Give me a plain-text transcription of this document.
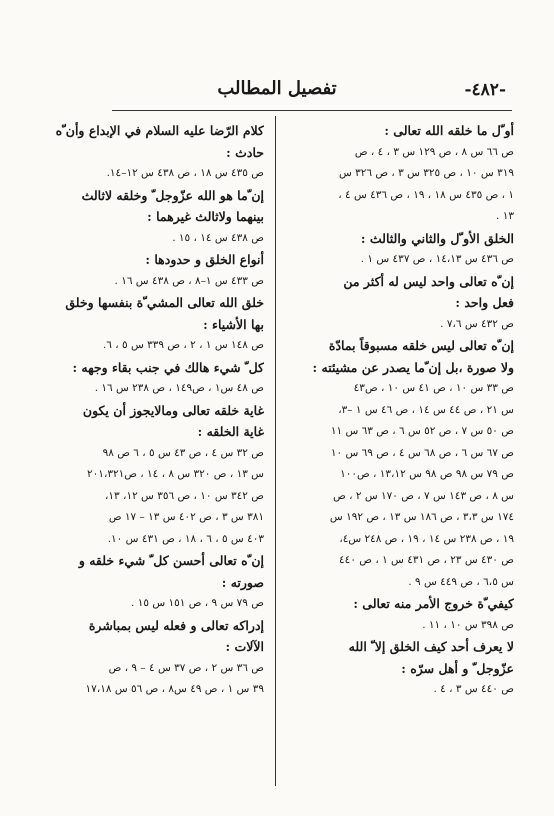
-٤٨٢-
تفصيل المطالب
أو ّل ما خلقه الله تعالى :
ص ٦٦ س ٨ ، ص ١٢٩ س ٣ ، ٤ ، ص
٣١٩ س ١٠ ، ص ٣٢٥ س ٣ ، ص ٣٢٦ س
١ ، ص ٤٣٥ س ١٨ ، ١٩ ، ص ٤٣٦ س ٤ ،
١٣ .
الخلق الأو ّل والثاني والثالث :
ص ٤٣٦ س ١٤،١٣ ، ص ٤٣٧ س ١ .
إن ّه تعالى واحد ليس له أكثر من
فعل واحد :
ص ٤٣٢ س ٧،٦ .
إن ّه تعالى ليس خلقه مسبوقاً بمادّة
ولا صورة ،بل إن ّما يصدر عن مشيئته :
ص ٣٣ س ١٠ ، ص ٤١ س ١٠ ، ص٤٣
س ٢١ ، ص ٤٤ س ١٤ ، ص ٤٦ س ١ –٣،
ص ٥٠ س ٧ ، ص ٥٢ س ٦ ، ص ٦٣ س ١١
ص ٦٧ س ٦ ، ص ٦٨ س ٤ ، ص ٦٩ س ١٠
ص ٧٩ س ٩٨ ص ٩٨ س ١٣،١٢ ، ص١٠٠
س ٨ ، ص ١٤٣ س ٧ ، ص ١٧٠ س ٢ ، ص
١٧٤ س ٣،٣ ، ص ١٨٦ س ١٣ ، ص ١٩٢ س
١٩ ، ص ٢٣٨ س ١٤ ، ١٩ ، ص ٢٤٨ س٤،
ص ٤٣٠ س ٢٣ ، ص ٤٣١ س ١ ، ص ٤٤٠
س ٦،٥ ، ص ٤٤٩ س ٩ .
كيفي ّة خروج الأمر منه تعالى :
ص ٣٩٨ س ١٠ ، ١١ .
لا يعرف أحد كيف الخلق إلا ّ الله
عزّوجل ّ و أهل سرّه :
ص ٤٤٠ س ٣ ، ٤ .
كلام الرّضا عليه السلام في الإبداع وأن ّه
حادث :
ص ٤٣٥ س ١٨ ، ص ٤٣٨ س ١٢–١٤.
إن ّما هو الله عزّوجل ّ وخلقه لاثالث
بينهما ولاثالث غيرهما :
ص ٤٣٨ س ١٤ ، ١٥ .
أنواع الخلق و حدودها :
ص ٤٣٣ س ١–٨ ، ص ٤٣٨ س ١٦ .
خلق الله تعالى المشي ّة بنفسها وخلق
بها الأشياء :
ص ١٤٨ س ١ ، ٢ ، ص ٣٣٩ س ٥ ، ٦.
كل ّ شيء هالك في جنب بقاء وجهه :
ص ٤٨ س١ ، ص١٤٩ ، ص ٢٣٨ س ١٦ .
غاية خلقه تعالى ومالايجوز أن يكون
غاية الخلقه :
ص ٣٢ س ٤ ، ص ٤٣ س ٥ ، ٦ ص ٩٨
س ١٣ ، ص ٣٢٠ س ٨ ، ١٤ ، ص٢٠١،٣٢١
ص ٣٤٢ س ١٠ ، ص ٣٥٦ س ١٢، ١٣،
٣٨١ س ٣ ، ص ٤٠٢ س ١٣ – ١٧ ص
٤٠٣ س ٥ ، ٦ ، ١٨ ، ص ٤٣١ س ١٠.
إن ّه تعالى أحسن كل ّ شيء خلقه و
صورته :
ص ٧٩ س ٩ ، ص ١٥١ س ١٥ .
إدراكه تعالى و فعله ليس بمباشرة
الآلات :
ص ٣٦ س ٢ ، ص ٣٧ س ٤ – ٩ ، ص
٣٩ س ١ ، ص ٤٩ س٨ ، ص ٥٦ س ١٧،١٨
